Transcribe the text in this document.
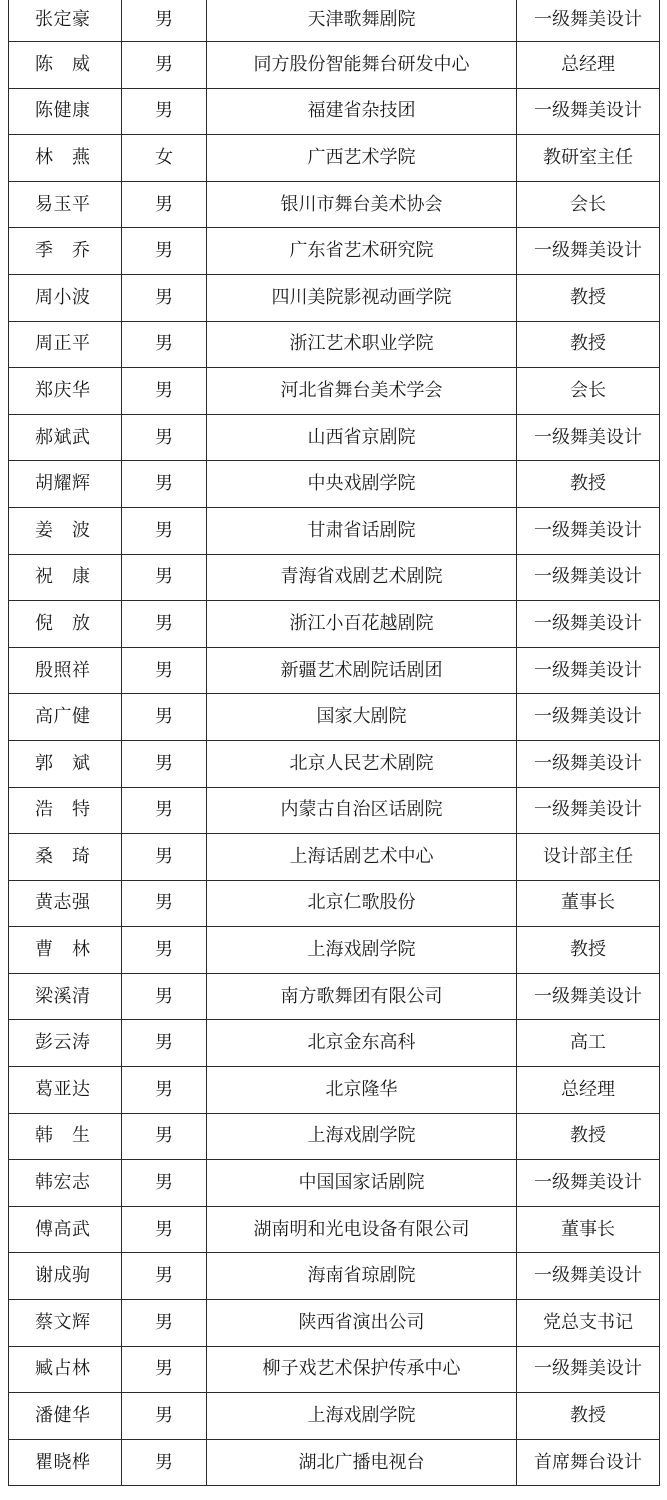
张定豪	男	天津歌舞剧院	一级舞美设计
陈　威	男	同方股份智能舞台研发中心	总经理
陈健康	男	福建省杂技团	一级舞美设计
林　燕	女	广西艺术学院	教研室主任
易玉平	男	银川市舞台美术协会	会长
季　乔	男	广东省艺术研究院	一级舞美设计
周小波	男	四川美院影视动画学院	教授
周正平	男	浙江艺术职业学院	教授
郑庆华	男	河北省舞台美术学会	会长
郝斌武	男	山西省京剧院	一级舞美设计
胡耀辉	男	中央戏剧学院	教授
姜　波	男	甘肃省话剧院	一级舞美设计
祝　康	男	青海省戏剧艺术剧院	一级舞美设计
倪　放	男	浙江小百花越剧院	一级舞美设计
殷照祥	男	新疆艺术剧院话剧团	一级舞美设计
高广健	男	国家大剧院	一级舞美设计
郭　斌	男	北京人民艺术剧院	一级舞美设计
浩　特	男	内蒙古自治区话剧院	一级舞美设计
桑　琦	男	上海话剧艺术中心	设计部主任
黄志强	男	北京仁歌股份	董事长
曹　林	男	上海戏剧学院	教授
梁溪清	男	南方歌舞团有限公司	一级舞美设计
彭云涛	男	北京金东高科	高工
葛亚达	男	北京隆华	总经理
韩　生	男	上海戏剧学院	教授
韩宏志	男	中国国家话剧院	一级舞美设计
傅高武	男	湖南明和光电设备有限公司	董事长
谢成驹	男	海南省琼剧院	一级舞美设计
蔡文辉	男	陕西省演出公司	党总支书记
臧占林	男	柳子戏艺术保护传承中心	一级舞美设计
潘健华	男	上海戏剧学院	教授
瞿晓桦	男	湖北广播电视台	首席舞台设计
